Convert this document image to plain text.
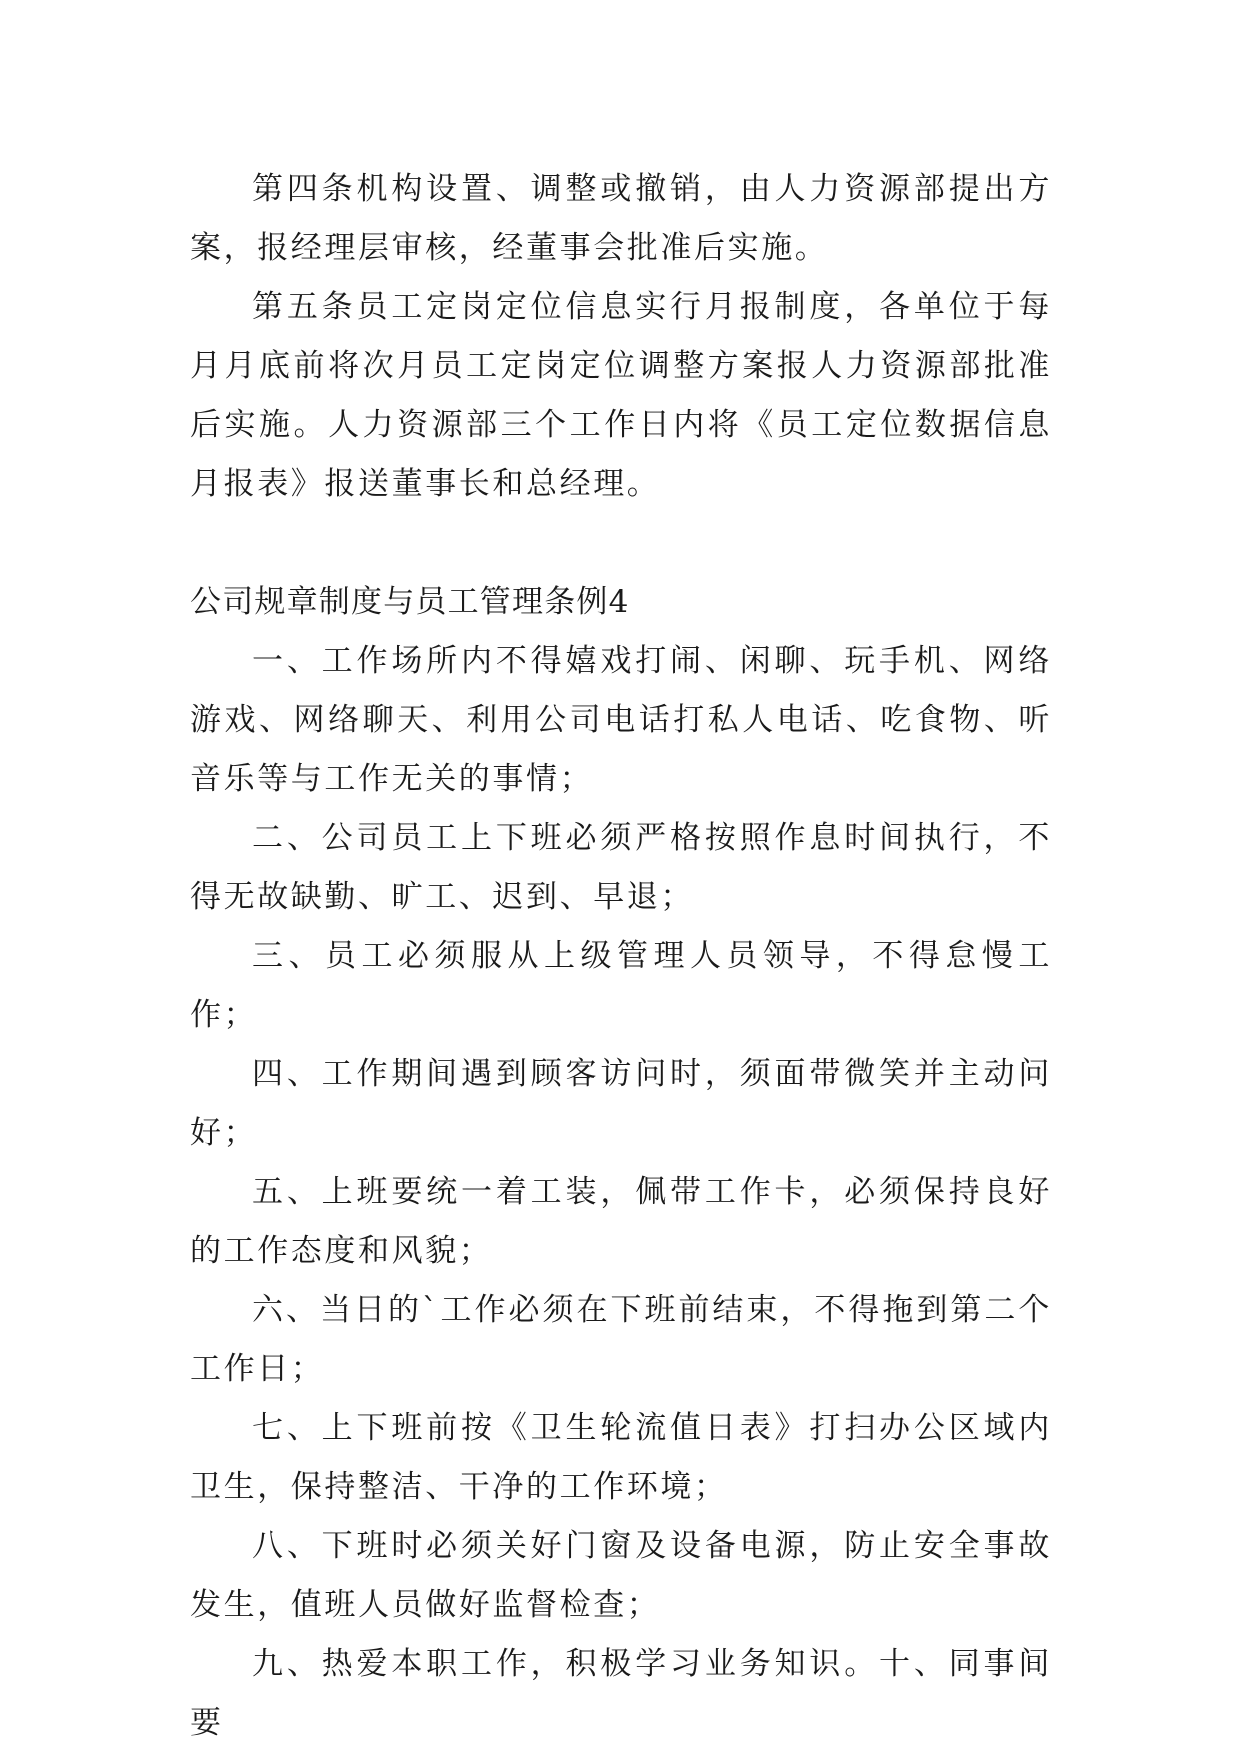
第四条机构设置、调整或撤销，由人力资源部提出方案，报经理层审核，经董事会批准后实施。

第五条员工定岗定位信息实行月报制度，各单位于每月月底前将次月员工定岗定位调整方案报人力资源部批准后实施。人力资源部三个工作日内将《员工定位数据信息月报表》报送董事长和总经理。

公司规章制度与员工管理条例4

一、工作场所内不得嬉戏打闹、闲聊、玩手机、网络游戏、网络聊天、利用公司电话打私人电话、吃食物、听音乐等与工作无关的事情；

二、公司员工上下班必须严格按照作息时间执行，不得无故缺勤、旷工、迟到、早退；

三、员工必须服从上级管理人员领导，不得怠慢工作；

四、工作期间遇到顾客访问时，须面带微笑并主动问好；

五、上班要统一着工装，佩带工作卡，必须保持良好的工作态度和风貌；

六、当日的`工作必须在下班前结束，不得拖到第二个工作日；

七、上下班前按《卫生轮流值日表》打扫办公区域内卫生，保持整洁、干净的工作环境；

八、下班时必须关好门窗及设备电源，防止安全事故发生，值班人员做好监督检查；

九、热爱本职工作，积极学习业务知识。十、同事间要
